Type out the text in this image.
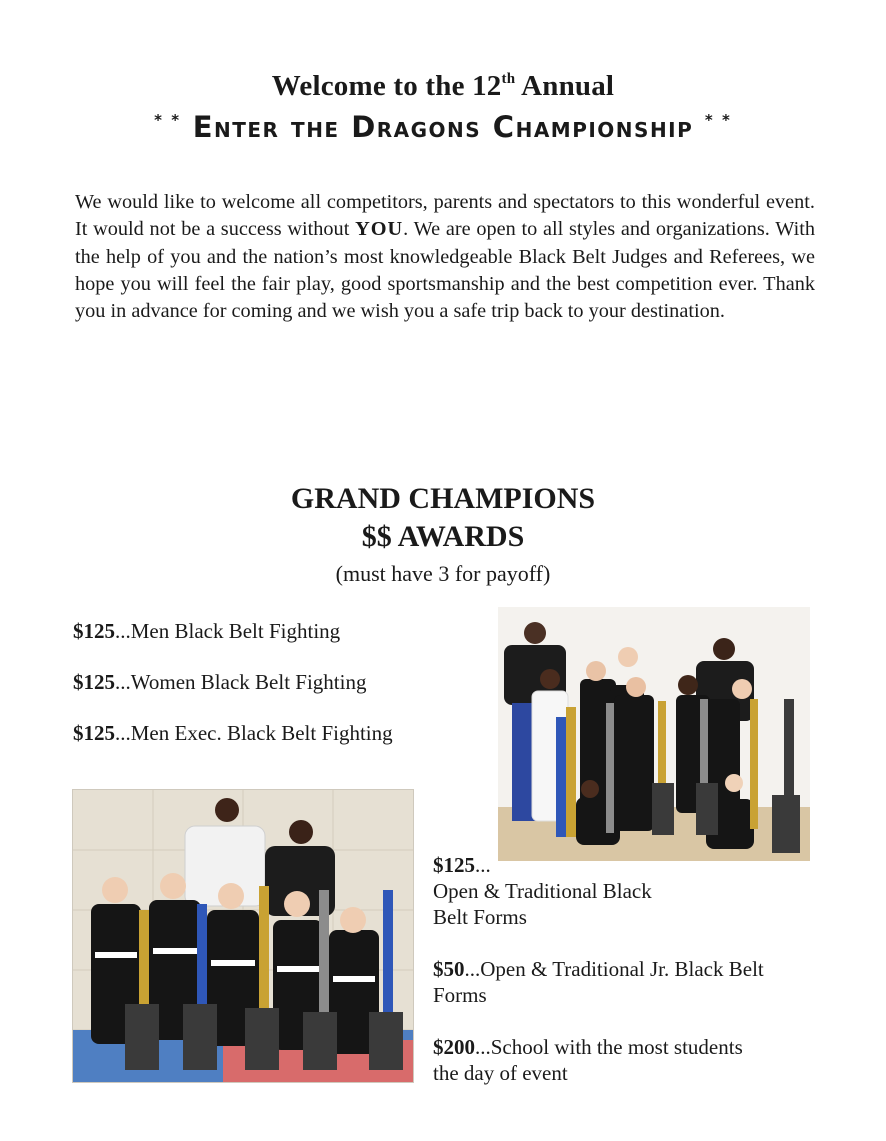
Welcome to the 12th Annual
* * Enter the Dragons Championship * *
We would like to welcome all competitors, parents and spectators to this wonderful event. It would not be a success without YOU. We are open to all styles and organizations. With the help of you and the nation’s most knowledgeable Black Belt Judges and Referees, we hope you will feel the fair play, good sportsmanship and the best competition ever. Thank you in advance for coming and we wish you a safe trip back to your destination.
GRAND CHAMPIONS
$$ AWARDS
(must have 3 for payoff)
$125...Men Black Belt Fighting
$125...Women Black Belt Fighting
$125...Men Exec. Black Belt Fighting
$125...
Open & Traditional Black
Belt Forms
$50...Open & Traditional Jr. Black Belt
Forms
$200...School with the most students
the day of event
